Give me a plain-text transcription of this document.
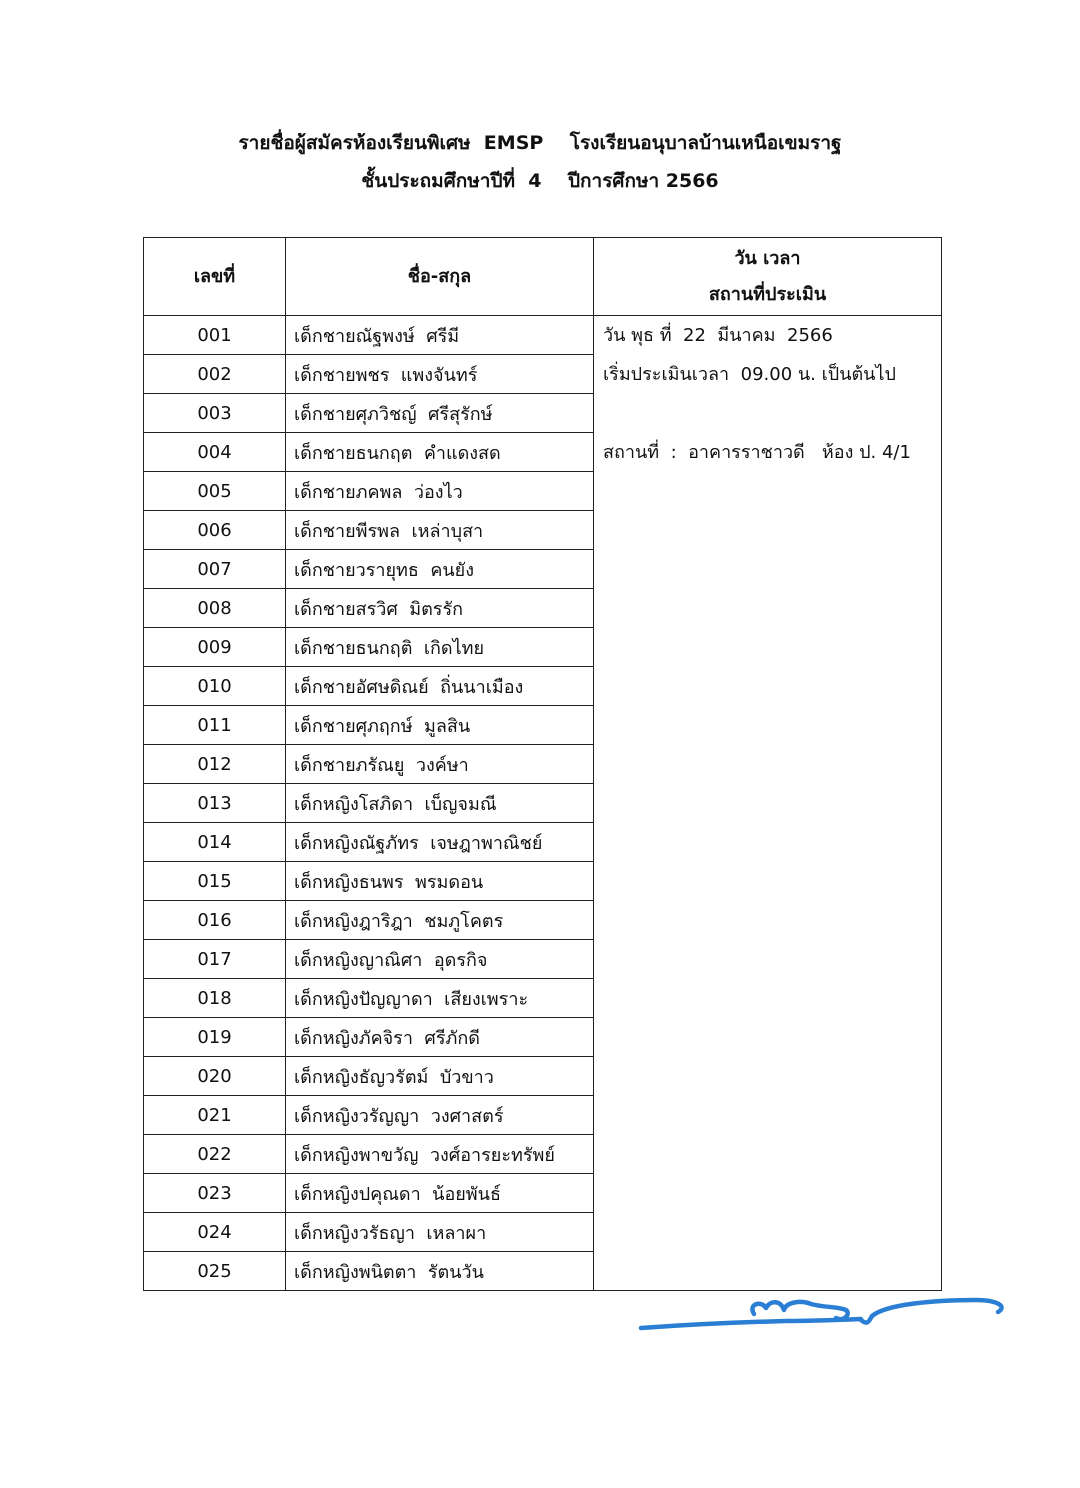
รายชื่อผู้สมัครห้องเรียนพิเศษ  EMSP    โรงเรียนอนุบาลบ้านเหนือเขมราฐ
ชั้นประถมศึกษาปีที่  4    ปีการศึกษา 2566
เลขที่	ชื่อ-สกุล	วัน เวลา
สถานที่ประเมิน

001	เด็กชายณัฐพงษ์  ศรีมี	วัน พุธ ที่  22  มีนาคม  2566
เริ่มประเมินเวลา  09.00 น. เป็นต้นไป
สถานที่  :  อาคารราชาวดี   ห้อง ป. 4/1

002	เด็กชายพชร  แพงจันทร์	
003	เด็กชายศุภวิชญ์  ศรีสุรักษ์	
004	เด็กชายธนกฤต  คำแดงสด	
005	เด็กชายภคพล  ว่องไว	
006	เด็กชายพีรพล  เหล่าบุสา	
007	เด็กชายวรายุทธ  คนยัง	
008	เด็กชายสรวิศ  มิตรรัก	
009	เด็กชายธนกฤติ  เกิดไทย	
010	เด็กชายอัศษดิณย์  ถิ่นนาเมือง	
011	เด็กชายศุภฤกษ์  มูลสิน	
012	เด็กชายภรัณยู  วงค์ษา	
013	เด็กหญิงโสภิดา  เบ็ญจมณี	
014	เด็กหญิงณัฐภัทร  เจษฎาพาณิชย์	
015	เด็กหญิงธนพร  พรมดอน	
016	เด็กหญิงฎาริฎา  ชมภูโคตร	
017	เด็กหญิงญาณิศา  อุดรกิจ	
018	เด็กหญิงปัญญาดา  เสียงเพราะ	
019	เด็กหญิงภัคจิรา  ศรีภักดี	
020	เด็กหญิงธัญวรัตม์  บัวขาว	
021	เด็กหญิงวรัญญา  วงศาสตร์	
022	เด็กหญิงพาขวัญ  วงศ์อารยะทรัพย์	
023	เด็กหญิงปคุณดา  น้อยพันธ์	
024	เด็กหญิงวรัธญา  เหลาผา	
025	เด็กหญิงพนิตตา  รัตนวัน	
